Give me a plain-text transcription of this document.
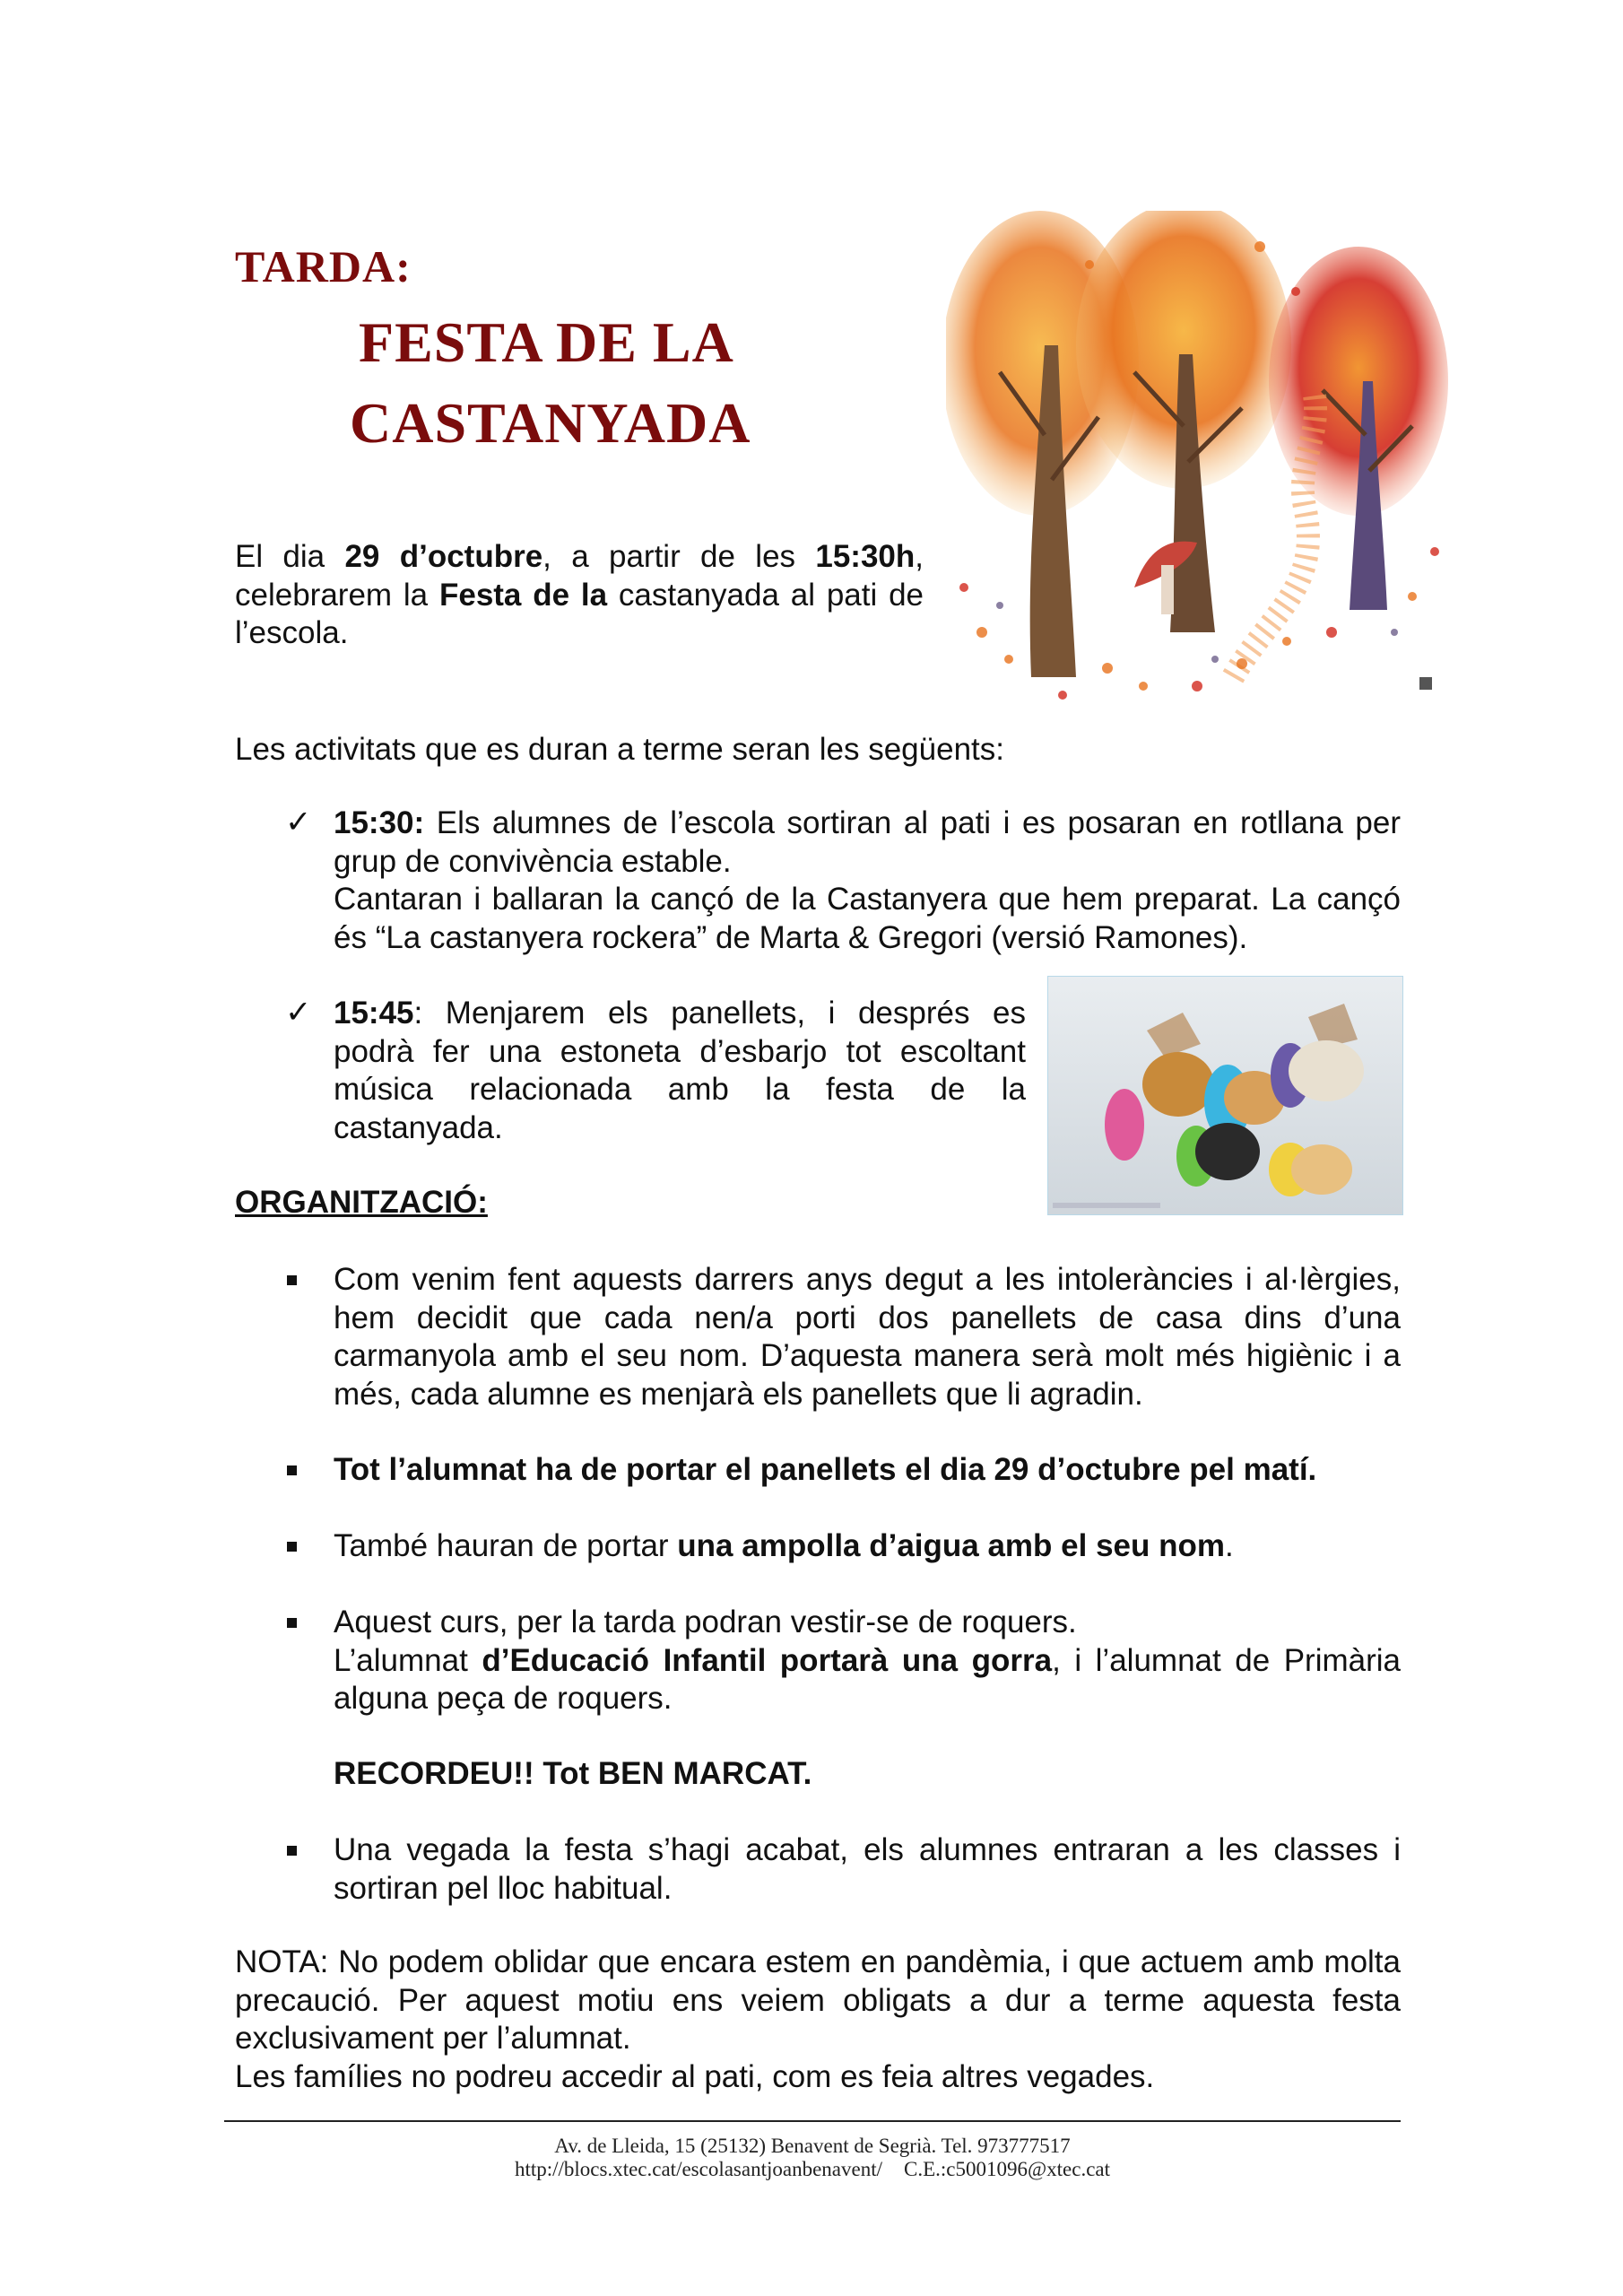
TARDA:
FESTA DE LA
CASTANYADA

El dia 29 d’octubre, a partir de les 15:30h, celebrarem la Festa de la castanyada al pati de l’escola.

Les activitats que es duran a terme seran les següents:

✓ 15:30: Els alumnes de l’escola sortiran al pati i es posaran en rotllana per grup de convivència estable.

Cantaran i ballaran la cançó de la Castanyera que hem preparat. La cançó és “La castanyera rockera” de Marta & Gregori (versió Ramones).

✓ 15:45: Menjarem els panellets, i després es podrà fer una estoneta d’esbarjo tot escoltant música relacionada amb la festa de la castanyada.

ORGANITZACIÓ:

Com venim fent aquests darrers anys degut a les intoleràncies i al·lèrgies, hem decidit que cada nen/a porti dos panellets de casa dins d’una carmanyola amb el seu nom. D’aquesta manera serà molt més higiènic i a més, cada alumne es menjarà els panellets que li agradin.

Tot l’alumnat ha de portar el panellets el dia 29 d’octubre pel matí.

També hauran de portar una ampolla d’aigua amb el seu nom.

Aquest curs, per la tarda podran vestir-se de roquers.

L’alumnat d’Educació Infantil portarà una gorra, i l’alumnat de Primària alguna peça de roquers.

RECORDEU!! Tot BEN MARCAT.

Una vegada la festa s’hagi acabat, els alumnes entraran a les classes i sortiran pel lloc habitual.

NOTA: No podem oblidar que encara estem en pandèmia, i que actuem amb molta precaució. Per aquest motiu ens veiem obligats a dur a terme aquesta festa exclusivament per l’alumnat.

Les famílies no podreu accedir al pati, com es feia altres vegades.

Av. de Lleida, 15 (25132) Benavent de Segrià. Tel. 973777517
http://blocs.xtec.cat/escolasantjoanbenavent/ C.E.:c5001096@xtec.cat
